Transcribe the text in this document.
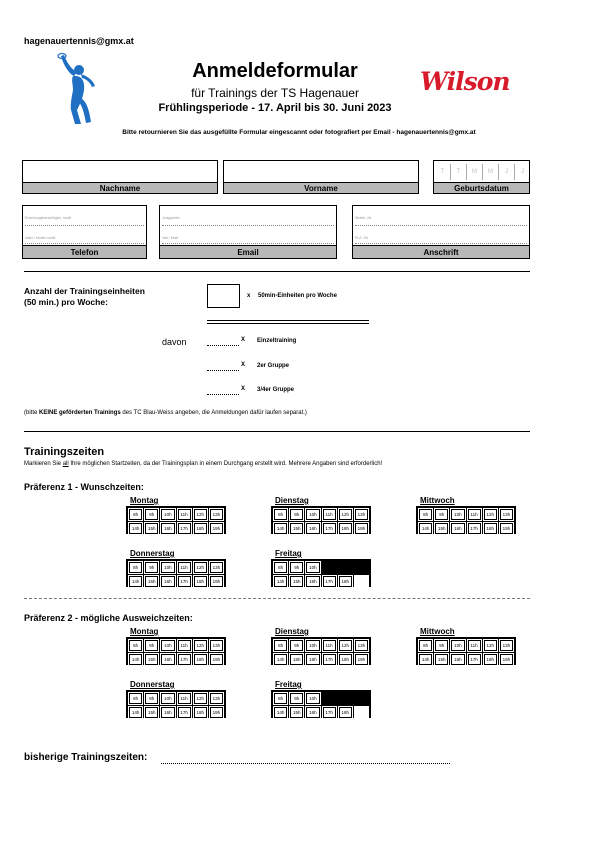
hagenauertennis@gmx.at
Anmeldeformular
für Trainings der TS Hagenauer
Frühlingsperiode - 17. April bis 30. Juni 2023
Wilson
Bitte retournieren Sie das ausgefüllte Formular eingescannt oder fotografiert per Email - hagenauertennis@gmx.at
Nachname	Vorname
T	T	M	M	J	J
Geburtsdatum
Erziehungsberechtigter, mobil
Vater / Mutter mobil
Telefon
Jungspieler
Vati / Mutti
Email
Straße, Nr.
PLZ, Ort
Anschrift
Anzahl der Trainingseinheiten
(50 min.) pro Woche:
x 50min-Einheiten pro Woche
davon	X Einzeltraining
X 2er Gruppe
X 3/4er Gruppe
(bitte KEINE geförderten Trainings des TC Blau-Weiss angeben, die Anmeldungen dafür laufen separat.)
Trainingszeiten
Markieren Sie all Ihre möglichen Startzeiten, da der Trainingsplan in einem Durchgang erstellt wird. Mehrere Angaben sind erforderlich!
Präferenz 1 - Wunschzeiten:
Montag
8h	9h	10h	11h	12h	13h
14h	15h	16h	17h	18h	19h
Dienstag
8h	9h	10h	11h	12h	13h
14h	15h	16h	17h	18h	19h
Mittwoch
8h	9h	10h	11h	12h	13h
14h	15h	16h	17h	18h	19h
Donnerstag
8h	9h	10h	11h	12h	13h
14h	15h	16h	17h	18h	19h
Freitag
8h	9h	10h
14h	15h	16h	17h	18h
Präferenz 2 - mögliche Ausweichzeiten:
Montag
8h	9h	10h	11h	12h	13h
14h	15h	16h	17h	18h	19h
Dienstag
8h	9h	10h	11h	12h	13h
14h	15h	16h	17h	18h	19h
Mittwoch
8h	9h	10h	11h	12h	13h
14h	15h	16h	17h	18h	19h
Donnerstag
8h	9h	10h	11h	12h	13h
14h	15h	16h	17h	18h	19h
Freitag
8h	9h	10h
14h	15h	16h	17h	18h
bisherige Trainingszeiten:
